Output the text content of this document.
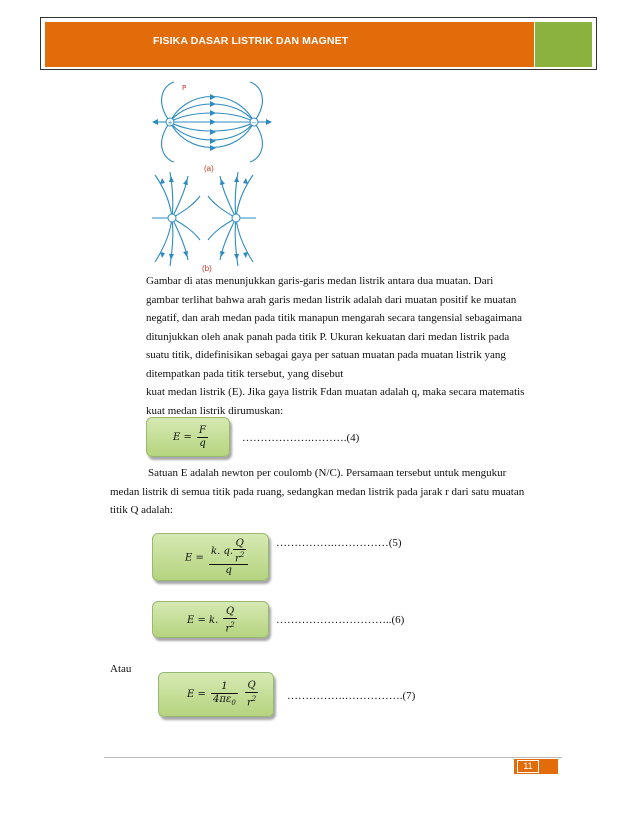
FISIKA DASAR LISTRIK DAN MAGNET
+	−
P
(a)
(b)
Gambar di atas menunjukkan garis-garis medan listrik antara dua muatan. Dari
gambar terlihat bahwa arah garis medan listrik adalah dari muatan positif ke muatan
negatif, dan arah medan pada titik manapun mengarah secara tangensial sebagaimana
ditunjukkan oleh anak panah pada titik P. Ukuran kekuatan dari medan listrik pada
suatu titik, didefinisikan sebagai gaya per satuan muatan pada muatan listrik yang
ditempatkan pada titik tersebut, yang disebut
kuat medan listrik (E). Jika gaya listrik Fdan muatan adalah q, maka secara matematis
kuat medan listrik dirumuskan:
$E = \frac{F}{q}$	……………….……….(4)
Satuan E adalah newton per coulomb (N/C). Persamaan tersebut untuk mengukur
medan listrik di semua titik pada ruang, sedangkan medan listrik pada jarak r dari satu muatan
titik Q adalah:
$E = \frac{k. q. \frac{Q}{r^2}}{q}$	…………….……………(5)
E = k. $\frac{Q}{r^2}$	…………………………..(6)
Atau
$E = \frac{1}{4\pi\varepsilon_0}$
$\frac{Q}{r^2}$	…………….…………….(7)
11
